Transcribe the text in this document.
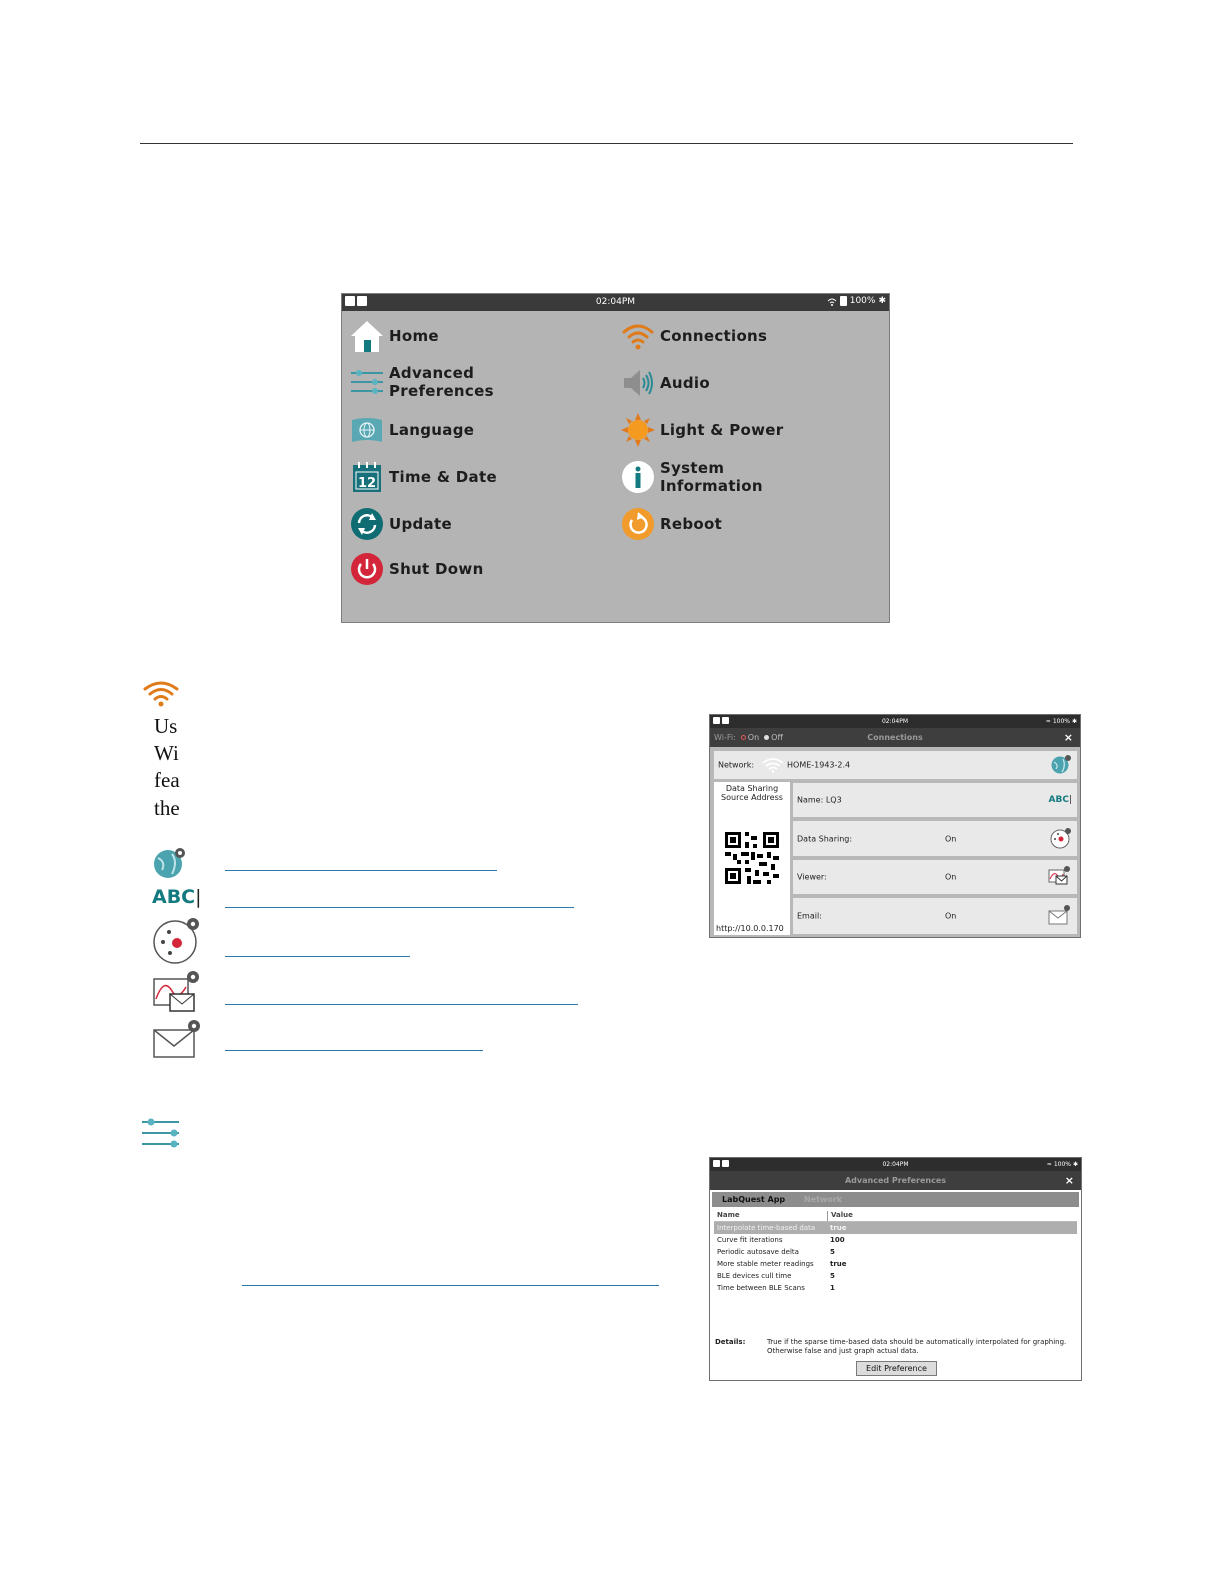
02:04PM	100% ✱
Home
Advanced
Preferences
Language
12 Time & Date
Update
Shut Down
Connections
Audio
Light & Power
System
Information
Reboot
Us
Wi
fea
the
ABC|
02:04PM	≈ 100% ✱
Wi-Fi: On Off	Connections	×
Network:	HOME-1943-2.4
Data Sharing
Source Address
http://10.0.0.170
Name: LQ3	ABC|
Data Sharing:	On
Viewer:	On
Email:	On
02:04PM	≈ 100% ✱
Advanced Preferences	×
LabQuest App Network
Name	Value
Interpolate time-based data	true
Curve fit iterations	100
Periodic autosave delta	5
More stable meter readings	true
BLE devices cull time	5
Time between BLE Scans	1
Details:	True if the sparse time-based data should be automatically interpolated for graphing. Otherwise false and just graph actual data.
Edit Preference
